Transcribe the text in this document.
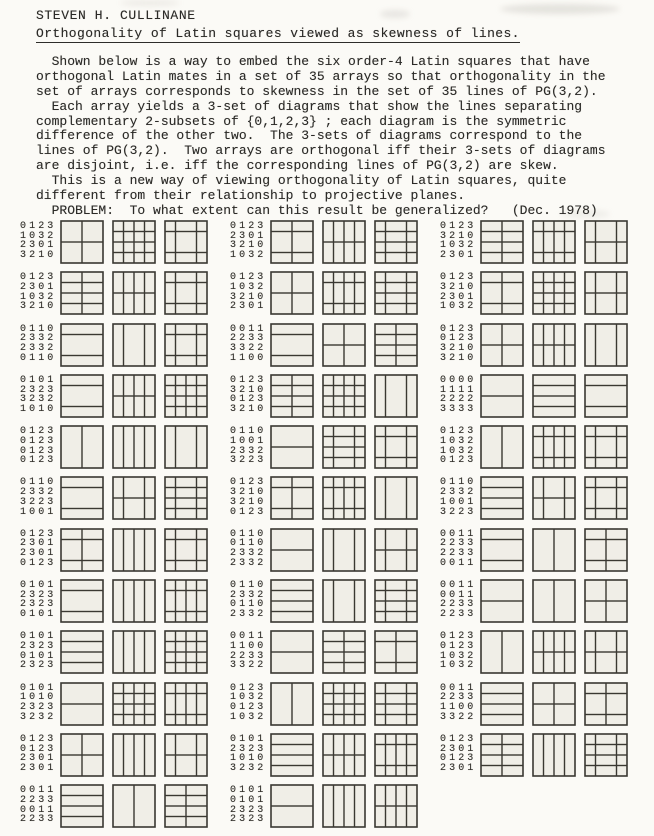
STEVEN H. CULLINANE
Orthogonality of Latin squares viewed as skewness of lines.
Shown below is a way to embed the six order-4 Latin squares that have
orthogonal Latin mates in a set of 35 arrays so that orthogonality in the
set of arrays corresponds to skewness in the set of 35 lines of PG(3,2).
Each array yields a 3-set of diagrams that show the lines separating
complementary 2-subsets of {0,1,2,3} ; each diagram is the symmetric
difference of the other two.  The 3-sets of diagrams correspond to the
lines of PG(3,2).  Two arrays are orthogonal iff their 3-sets of diagrams
are disjoint, i.e. iff the corresponding lines of PG(3,2) are skew.
This is a new way of viewing orthogonality of Latin squares, quite
different from their relationship to projective planes.
PROBLEM:  To what extent can this result be generalized?   (Dec. 1978)
0123
1032
2301
3210
0123
2301
1032
3210
0110
2332
2332
0110
0101
2323
3232
1010
0123
0123
0123
0123
0110
2332
3223
1001
0123
2301
2301
0123
0101
2323
2323
0101
0101
2323
0101
2323
0101
1010
2323
3232
0123
0123
2301
2301
0011
2233
0011
2233
0123
2301
3210
1032
0123
1032
3210
2301
0011
2233
3322
1100
0123
3210
0123
3210
0110
1001
2332
3223
0123
3210
3210
0123
0110
0110
2332
2332
0110
2332
0110
2332
0011
1100
2233
3322
0123
1032
0123
1032
0101
2323
1010
3232
0101
0101
2323
2323
0123
3210
1032
2301
0123
3210
2301
1032
0123
0123
3210
3210
0000
1111
2222
3333
0123
1032
1032
0123
0110
2332
1001
3223
0011
2233
2233
0011
0011
0011
2233
2233
0123
0123
1032
1032
0011
2233
1100
3322
0123
2301
0123
2301
